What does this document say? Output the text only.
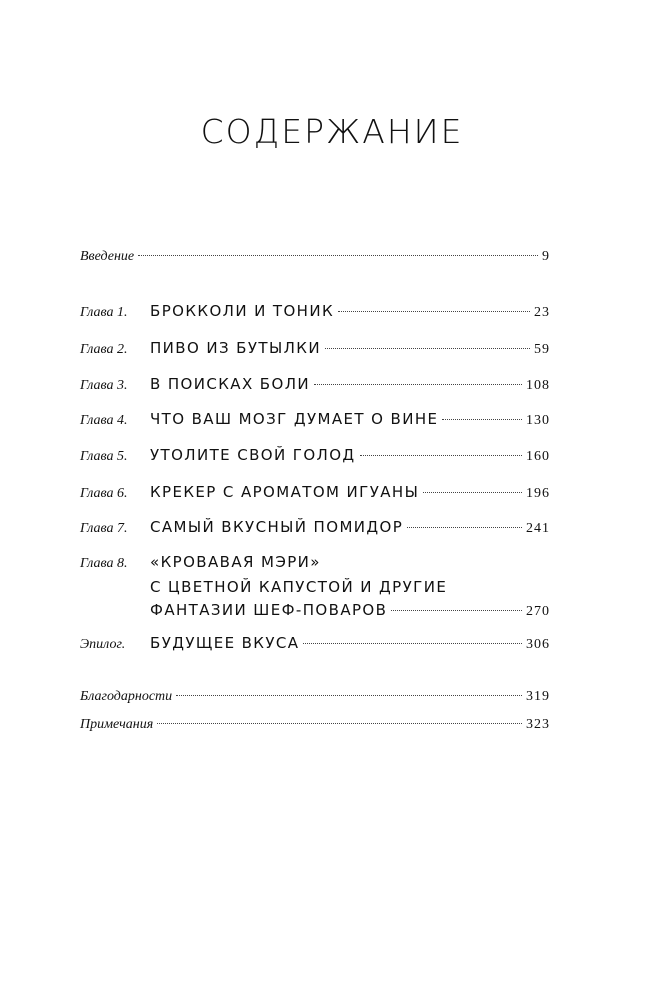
СОДЕРЖАНИЕ
Введение	9
Глава 1.	БРОККОЛИ И ТОНИК	23
Глава 2.	ПИВО ИЗ БУТЫЛКИ	59
Глава 3.	В ПОИСКАХ БОЛИ	108
Глава 4.	ЧТО ВАШ МОЗГ ДУМАЕТ О ВИНЕ	130
Глава 5.	УТОЛИТЕ СВОЙ ГОЛОД	160
Глава 6.	КРЕКЕР С АРОМАТОМ ИГУАНЫ	196
Глава 7.	САМЫЙ ВКУСНЫЙ ПОМИДОР	241
Глава 8.	«КРОВАВАЯ МЭРИ»
С ЦВЕТНОЙ КАПУСТОЙ И ДРУГИЕ
ФАНТАЗИИ ШЕФ-ПОВАРОВ	270
Эпилог.	БУДУЩЕЕ ВКУСА	306
Благодарности	319
Примечания	323
